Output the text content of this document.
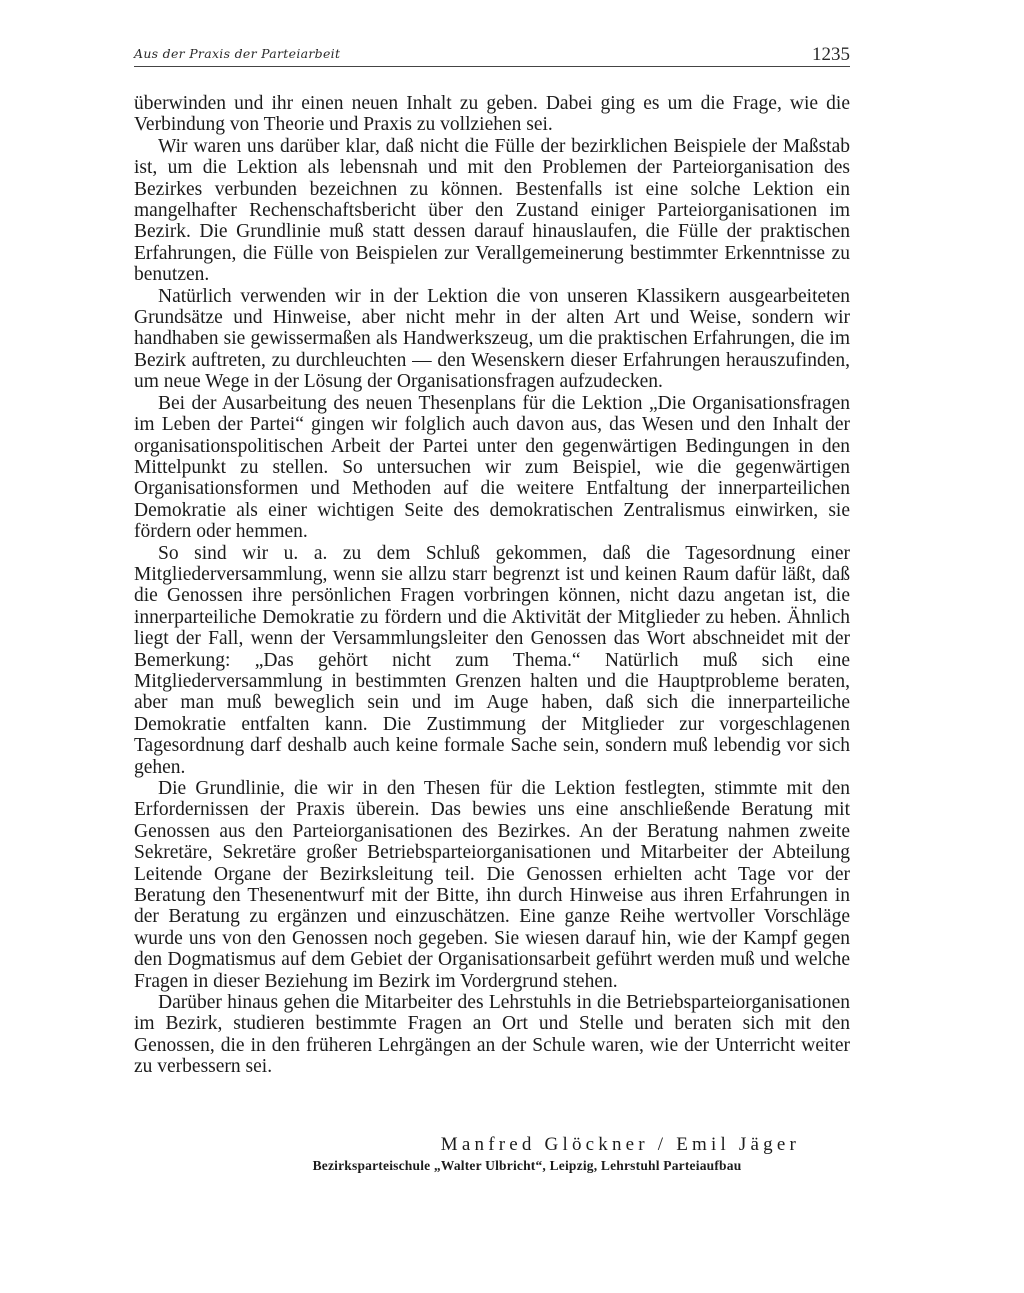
Aus der Praxis der Parteiarbeit	1235

überwinden und ihr einen neuen Inhalt zu geben. Dabei ging es um die Frage, wie die Verbindung von Theorie und Praxis zu vollziehen sei.

Wir waren uns darüber klar, daß nicht die Fülle der bezirklichen Beispiele der Maßstab ist, um die Lektion als lebensnah und mit den Problemen der Parteiorganisation des Bezirkes verbunden bezeichnen zu können. Bestenfalls ist eine solche Lektion ein mangelhafter Rechenschaftsbericht über den Zustand einiger Parteiorganisationen im Bezirk. Die Grundlinie muß statt dessen darauf hinauslaufen, die Fülle der praktischen Erfahrungen, die Fülle von Beispielen zur Verallgemeinerung bestimmter Erkenntnisse zu benutzen.

Natürlich verwenden wir in der Lektion die von unseren Klassikern ausgearbeiteten Grundsätze und Hinweise, aber nicht mehr in der alten Art und Weise, sondern wir handhaben sie gewissermaßen als Handwerkszeug, um die praktischen Erfahrungen, die im Bezirk auftreten, zu durchleuchten — den Wesenskern dieser Erfahrungen herauszufinden, um neue Wege in der Lösung der Organisationsfragen aufzudecken.

Bei der Ausarbeitung des neuen Thesenplans für die Lektion „Die Organisationsfragen im Leben der Partei“ gingen wir folglich auch davon aus, das Wesen und den Inhalt der organisationspolitischen Arbeit der Partei unter den gegenwärtigen Bedingungen in den Mittelpunkt zu stellen. So untersuchen wir zum Beispiel, wie die gegenwärtigen Organisationsformen und Methoden auf die weitere Entfaltung der innerparteilichen Demokratie als einer wichtigen Seite des demokratischen Zentralismus einwirken, sie fördern oder hemmen.

So sind wir u. a. zu dem Schluß gekommen, daß die Tagesordnung einer Mitgliederversammlung, wenn sie allzu starr begrenzt ist und keinen Raum dafür läßt, daß die Genossen ihre persönlichen Fragen vorbringen können, nicht dazu angetan ist, die innerparteiliche Demokratie zu fördern und die Aktivität der Mitglieder zu heben. Ähnlich liegt der Fall, wenn der Versammlungsleiter den Genossen das Wort abschneidet mit der Bemerkung: „Das gehört nicht zum Thema.“ Natürlich muß sich eine Mitgliederversammlung in bestimmten Grenzen halten und die Hauptprobleme beraten, aber man muß beweglich sein und im Auge haben, daß sich die innerparteiliche Demokratie entfalten kann. Die Zustimmung der Mitglieder zur vorgeschlagenen Tagesordnung darf deshalb auch keine formale Sache sein, sondern muß lebendig vor sich gehen.

Die Grundlinie, die wir in den Thesen für die Lektion festlegten, stimmte mit den Erfordernissen der Praxis überein. Das bewies uns eine anschließende Beratung mit Genossen aus den Parteiorganisationen des Bezirkes. An der Beratung nahmen zweite Sekretäre, Sekretäre großer Betriebsparteiorganisationen und Mitarbeiter der Abteilung Leitende Organe der Bezirksleitung teil. Die Genossen erhielten acht Tage vor der Beratung den Thesenentwurf mit der Bitte, ihn durch Hinweise aus ihren Erfahrungen in der Beratung zu ergänzen und einzuschätzen. Eine ganze Reihe wertvoller Vorschläge wurde uns von den Genossen noch gegeben. Sie wiesen darauf hin, wie der Kampf gegen den Dogmatismus auf dem Gebiet der Organisationsarbeit geführt werden muß und welche Fragen in dieser Beziehung im Bezirk im Vordergrund stehen.

Darüber hinaus gehen die Mitarbeiter des Lehrstuhls in die Betriebsparteiorganisationen im Bezirk, studieren bestimmte Fragen an Ort und Stelle und beraten sich mit den Genossen, die in den früheren Lehrgängen an der Schule waren, wie der Unterricht weiter zu verbessern sei.

Manfred Glöckner / Emil Jäger
Bezirksparteischule „Walter Ulbricht“, Leipzig, Lehrstuhl Parteiaufbau
